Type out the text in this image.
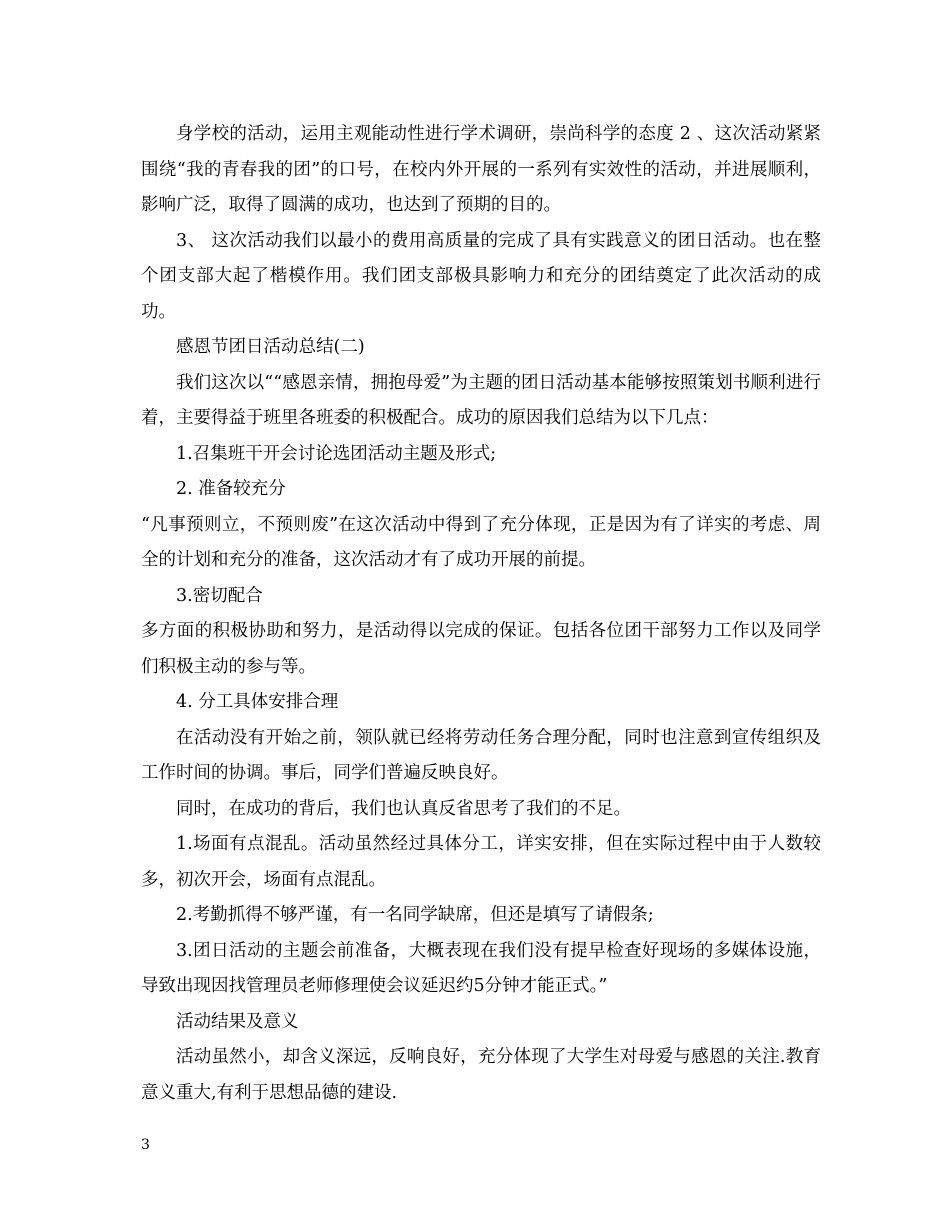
身学校的活动，运用主观能动性进行学术调研，崇尚科学的态度 2 、这次活动紧紧围绕“我的青春我的团”的口号，在校内外开展的一系列有实效性的活动，并进展顺利，影响广泛，取得了圆满的成功，也达到了预期的目的。

3、 这次活动我们以最小的费用高质量的完成了具有实践意义的团日活动。也在整个团支部大起了楷模作用。我们团支部极具影响力和充分的团结奠定了此次活动的成功。

感恩节团日活动总结(二)

我们这次以““感恩亲情，拥抱母爱”为主题的团日活动基本能够按照策划书顺利进行着，主要得益于班里各班委的积极配合。成功的原因我们总结为以下几点：

1.召集班干开会讨论选团活动主题及形式;

2. 准备较充分

“凡事预则立，不预则废”在这次活动中得到了充分体现，正是因为有了详实的考虑、周全的计划和充分的准备，这次活动才有了成功开展的前提。

3.密切配合

多方面的积极协助和努力，是活动得以完成的保证。包括各位团干部努力工作以及同学们积极主动的参与等。

4. 分工具体安排合理

在活动没有开始之前，领队就已经将劳动任务合理分配，同时也注意到宣传组织及工作时间的协调。事后，同学们普遍反映良好。

同时，在成功的背后，我们也认真反省思考了我们的不足。

1.场面有点混乱。活动虽然经过具体分工，详实安排，但在实际过程中由于人数较多，初次开会，场面有点混乱。

2.考勤抓得不够严谨，有一名同学缺席，但还是填写了请假条;

3.团日活动的主题会前准备，大概表现在我们没有提早检查好现场的多媒体设施，导致出现因找管理员老师修理使会议延迟约5分钟才能正式。”

活动结果及意义

活动虽然小，却含义深远，反响良好，充分体现了大学生对母爱与感恩的关注.教育意义重大,有利于思想品德的建设.

3
